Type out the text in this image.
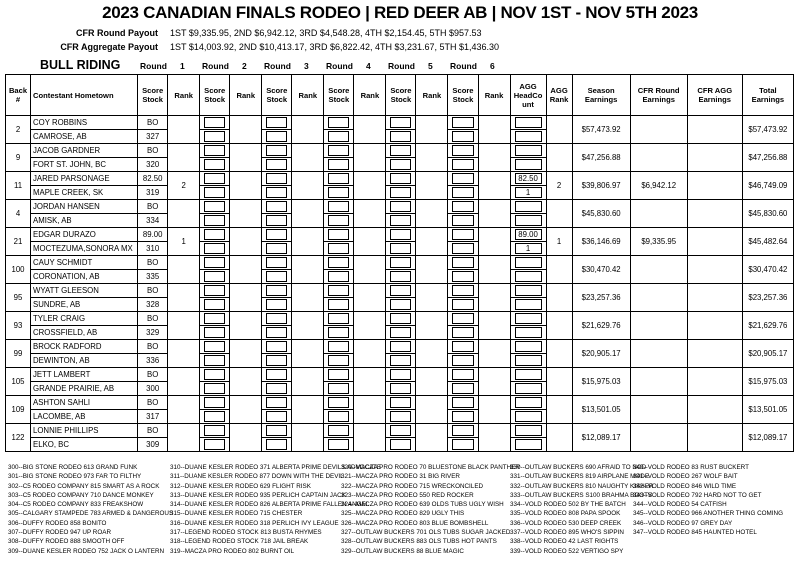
2023 CANADIAN FINALS RODEO | RED DEER AB | NOV 1ST - NOV 5TH 2023
CFR Round Payout 1ST $9,335.95, 2ND $6,942.12, 3RD $4,548.28, 4TH $2,154.45, 5TH $957.53
CFR Aggregate Payout 1ST $14,003.92, 2ND $10,413.17, 3RD $6,822.42, 4TH $3,231.67, 5TH $1,436.30
BULL RIDING Round 1 Round 2 Round 3 Round 4 Round 5 Round 6
Back #	Contestant Hometown	Score Stock	Rank	Score Stock	Rank	Score Stock	Rank	Score Stock	Rank	Score Stock	Rank	Score Stock	Rank	AGG HeadCo unt	AGG Rank	Season Earnings	CFR Round Earnings	CFR AGG Earnings	Total Earnings
2	COY ROBBINS	BO														$57,473.92			$57,473.92
	CAMROSE, AB	327												

9	JACOB GARDNER	BO														$47,256.88			$47,256.88
	FORT ST. JOHN, BC	320												

11	JARED PARSONAGE	82.50	2											82.50	2	$39,806.97	$6,942.12		$46,749.09
	MAPLE CREEK, SK	319												1					

4	JORDAN HANSEN	BO														$45,830.60			$45,830.60
	AMISK, AB	334												

21	EDGAR DURAZO	89.00	1											89.00	1	$36,146.69	$9,335.95		$45,482.64
	MOCTEZUMA,SONORA MX	310												1					

100	CAUY SCHMIDT	BO														$30,470.42			$30,470.42
	CORONATION, AB	335												

95	WYATT GLEESON	BO														$23,257.36			$23,257.36
	SUNDRE, AB	328												

93	TYLER CRAIG	BO														$21,629.76			$21,629.76
	CROSSFIELD, AB	329												

99	BROCK RADFORD	BO														$20,905.17			$20,905.17
	DEWINTON, AB	336												

105	JETT LAMBERT	BO														$15,975.03			$15,975.03
	GRANDE PRAIRIE, AB	300												

109	ASHTON SAHLI	BO														$13,501.05			$13,501.05
	LACOMBE, AB	317												

122	LONNIE PHILLIPS	BO														$12,089.17			$12,089.17
	ELKO, BC	309												

300--BIG STONE RODEO 613 GRAND FUNK
301--BIG STONE RODEO 973 FAR TO FILTHY
302--C5 RODEO COMPANY 815 SMART AS A ROCK
303--C5 RODEO COMPANY 710 DANCE MONKEY
304--C5 RODEO COMPANY 833 FREAKSHOW
305--CALGARY STAMPEDE 783 ARMED & DANGEROUS
306--DUFFY RODEO 858 BONITO
307--DUFFY RODEO 947 UP ROAR
308--DUFFY RODEO 888 SMOOTH OFF
309--DUANE KESLER RODEO 752 JACK O LANTERN
310--DUANE KESLER RODEO 371 ALBERTA PRIME DEVILS ADVOCATE
311--DUANE KESLER RODEO 877 DOWN WITH THE DEVIL
312--DUANE KESLER RODEO 629 FLIGHT RISK
313--DUANE KESLER RODEO 935 PERLICH CAPTAIN JACK
314--DUANE KESLER RODEO 826 ALBERTA PRIME FALLEN ANGEL
315--DUANE KESLER RODEO 715 CHESTER
316--DUANE KESLER RODEO 318 PERLICH IVY LEAGUE
317--LEGEND RODEO STOCK 813 BUSTA RHYMES
318--LEGEND RODEO STOCK 718 JAIL BREAK
319--MACZA PRO RODEO 802 BURNT OIL
320--MACZA PRO RODEO 70 BLUESTONE BLACK PANTHER
321--MACZA PRO RODEO 31 BIG RIVER
322--MACZA PRO RODEO 715 WRECKONCILED
323--MACZA PRO RODEO 550 RED ROCKER
324--MACZA PRO RODEO 639 OLDS TUBS UGLY WISH
325--MACZA PRO RODEO 829 UGLY THIS
326--MACZA PRO RODEO 803 BLUE BOMBSHELL
327--OUTLAW BUCKERS 701 OLS TUBS SUGAR JACKED
328--OUTLAW BUCKERS 883 OLS TUBS HOT PANTS
329--OUTLAW BUCKERS 88 BLUE MAGIC
330--OUTLAW BUCKERS 690 AFRAID TO NOD
331--OUTLAW BUCKERS 819 AIRPLANE MODE
332--OUTLAW BUCKERS 810 NAUGHTY KISHER
333--OUTLAW BUCKERS S100 BRAHMA BOOTS
334--VOLD RODEO 502 BY THE BATCH
335--VOLD RODEO 808 PAPA SPOOK
336--VOLD RODEO 530 DEEP CREEK
337--VOLD RODEO 895 WHO'S SIPPIN
338--VOLD RODEO 42 LAST RIGHTS
339--VOLD RODEO 522 VERTIGO SPY
340--VOLD RODEO 83 RUST BUCKERT
341--VOLD RODEO 267 WOLF BAIT
342--VOLD RODEO 846 WILD TIME
343--VOLD RODEO 792 HARD NOT TO GET
344--VOLD RODEO 54 CATFISH
345--VOLD RODEO 966 ANOTHER THING COMING
346--VOLD RODEO 97 GREY DAY
347--VOLD RODEO 845 HAUNTED HOTEL
